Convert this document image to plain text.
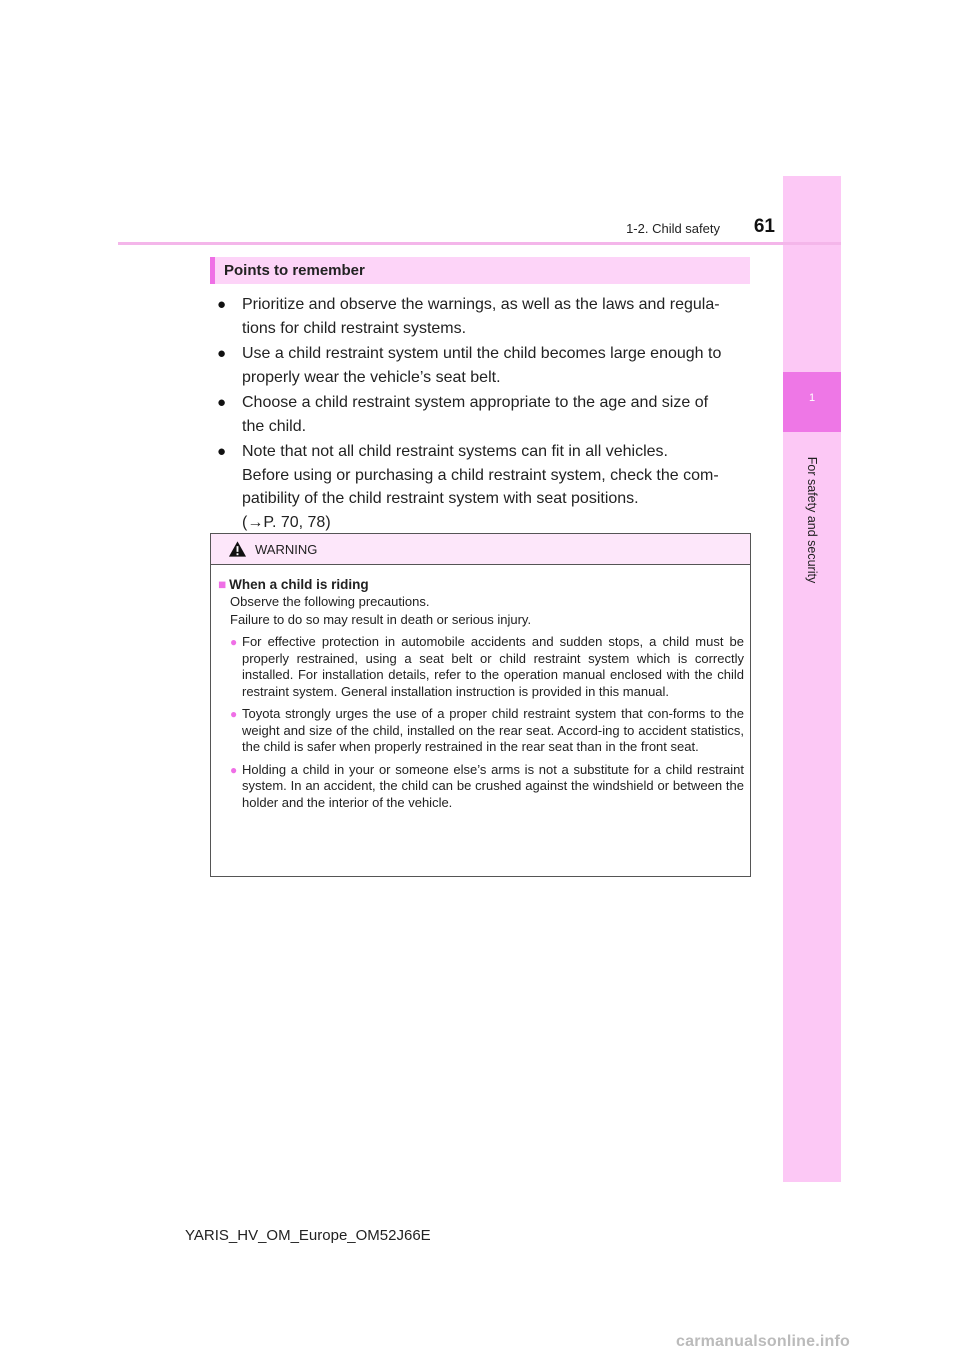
1
For safety and security
1-2. Child safety	61
Points to remember
● Prioritize and observe the warnings, as well as the laws and regula-
tions for child restraint systems.
● Use a child restraint system until the child becomes large enough to
properly wear the vehicle’s seat belt.
● Choose a child restraint system appropriate to the age and size of
the child.
● Note that not all child restraint systems can fit in all vehicles.
Before using or purchasing a child restraint system, check the com-
patibility of the child restraint system with seat positions.
(→P. 70, 78)
WARNING
■ When a child is riding
Observe the following precautions.
Failure to do so may result in death or serious injury.
● For effective protection in automobile accidents and sudden stops, a child must be properly restrained, using a seat belt or child restraint system which is correctly installed. For installation details, refer to the operation manual enclosed with the child restraint system. General installation instruction is provided in this manual.
● Toyota strongly urges the use of a proper child restraint system that con-forms to the weight and size of the child, installed on the rear seat. Accord-ing to accident statistics, the child is safer when properly restrained in the rear seat than in the front seat.
● Holding a child in your or someone else’s arms is not a substitute for a child restraint system. In an accident, the child can be crushed against the windshield or between the holder and the interior of the vehicle.
YARIS_HV_OM_Europe_OM52J66E
carmanualsonline.info
